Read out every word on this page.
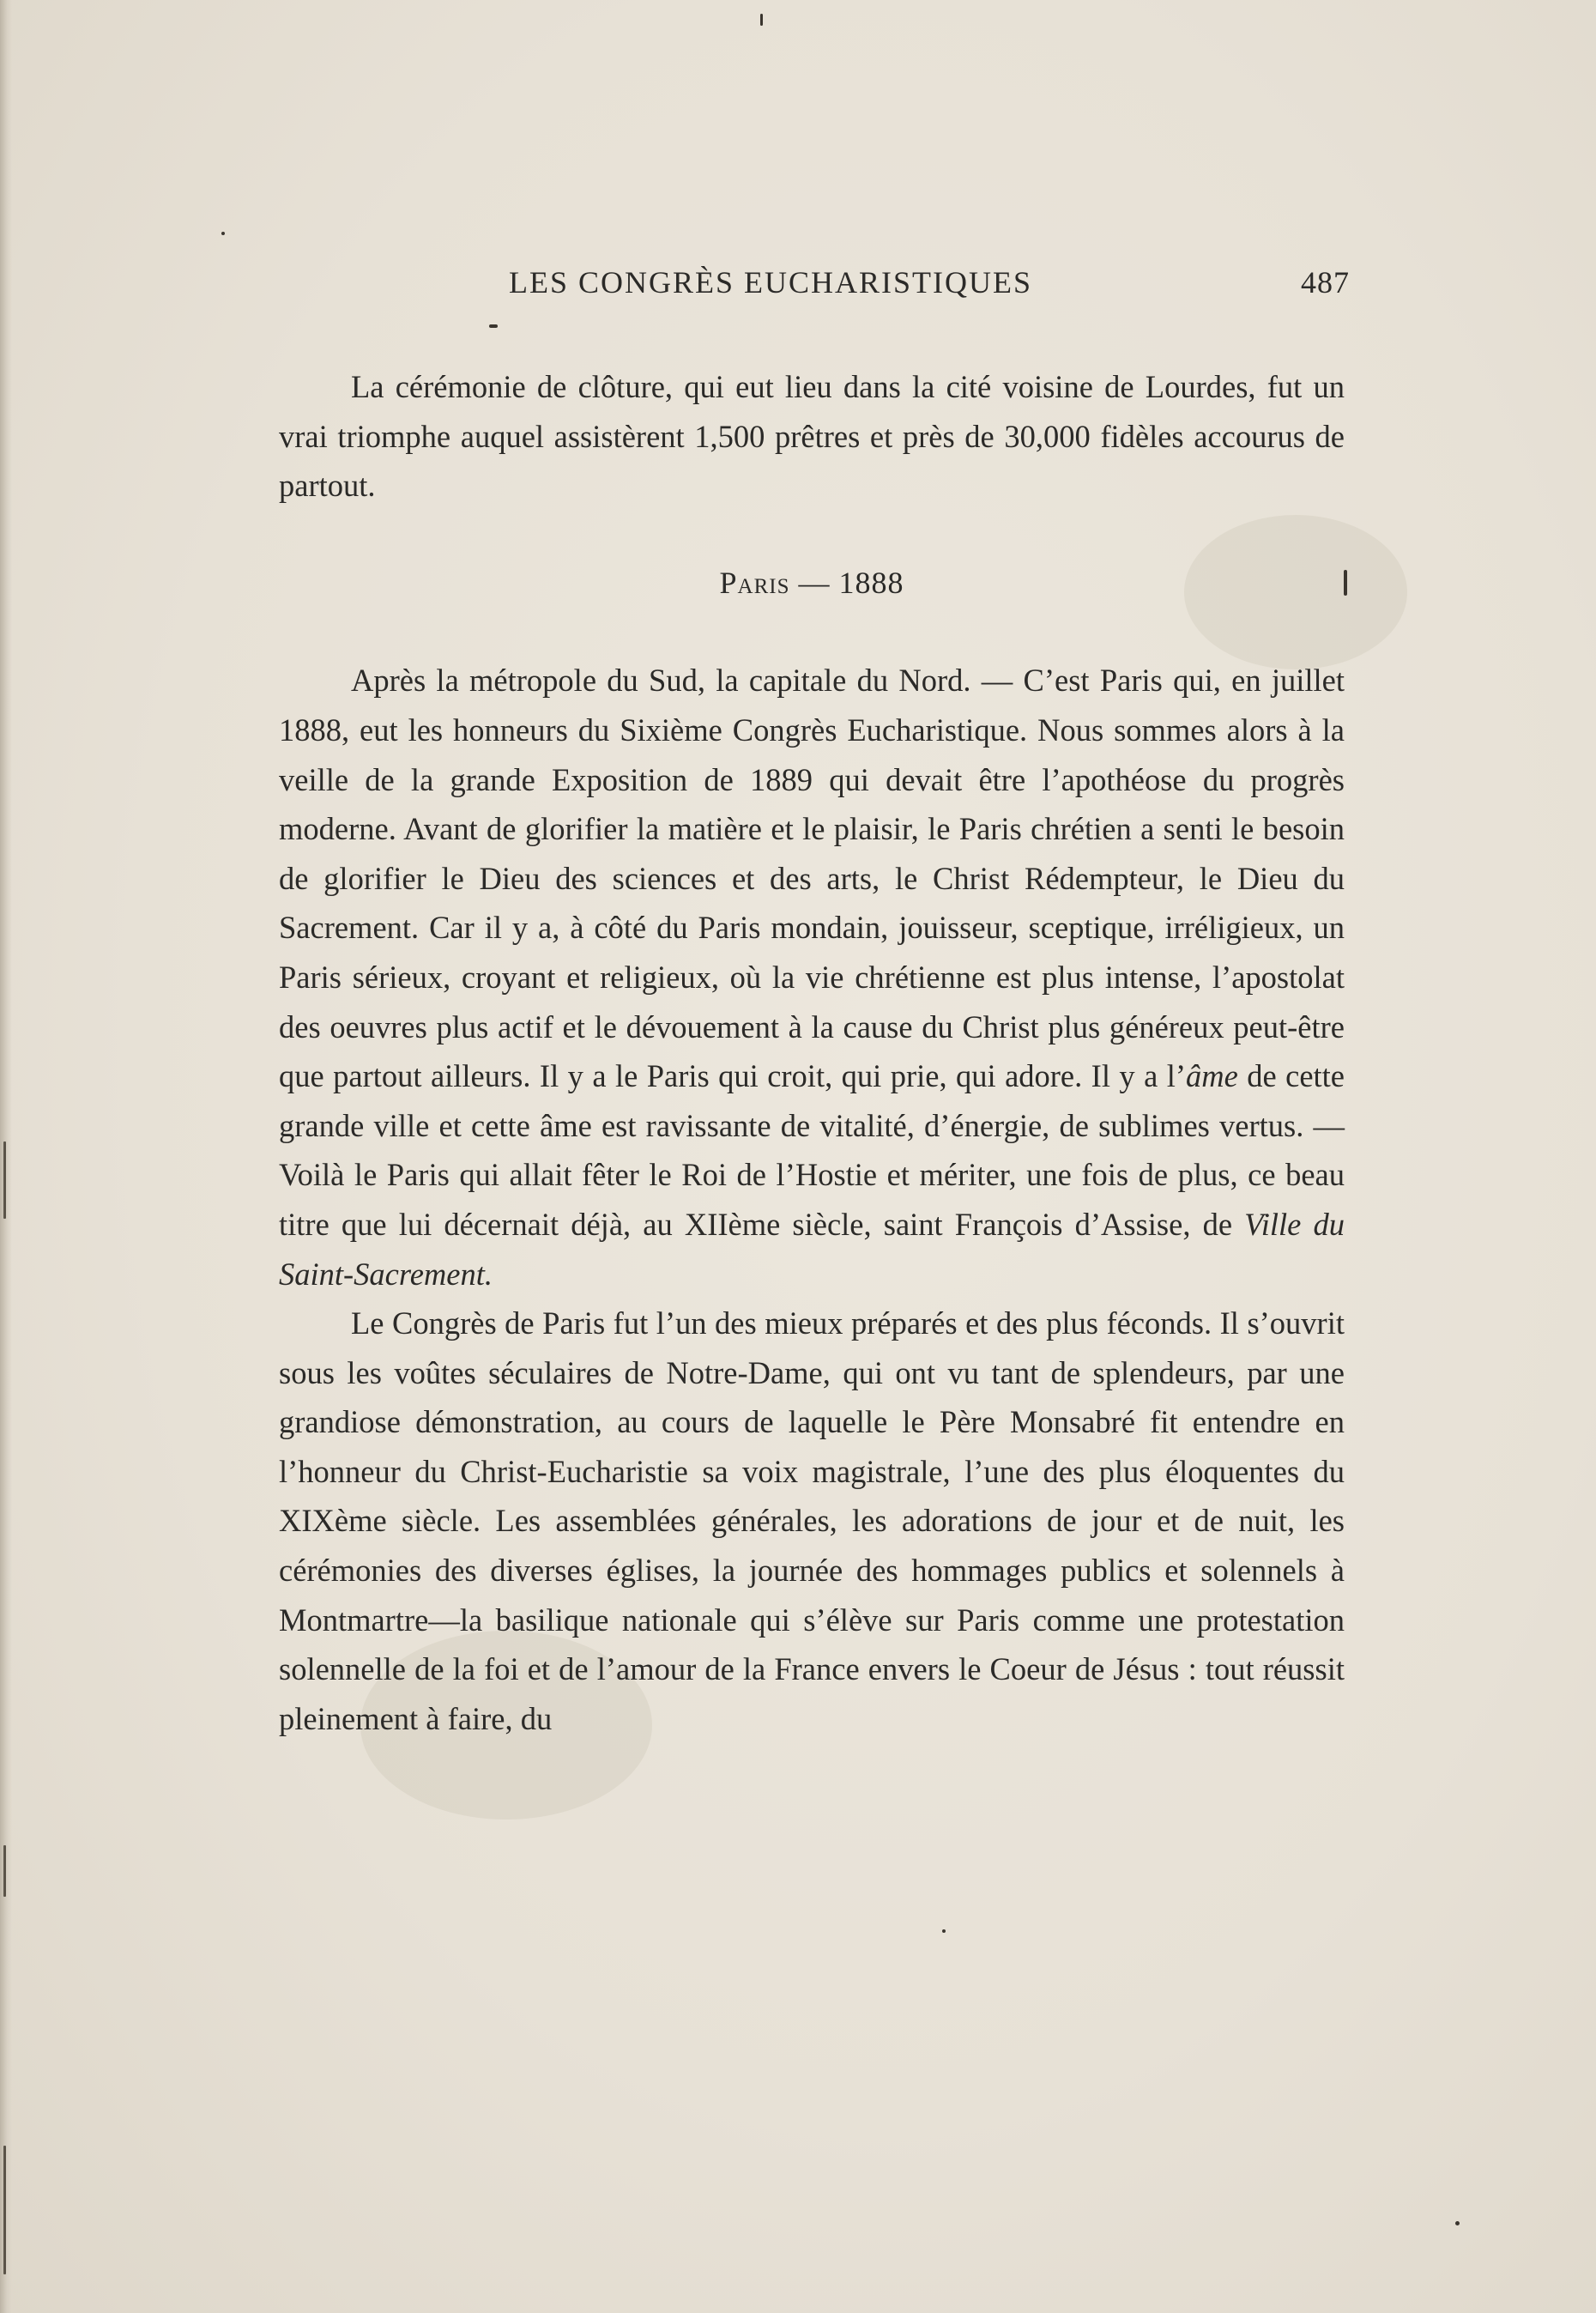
LES CONGRÈS EUCHARISTIQUES	487

La cérémonie de clôture, qui eut lieu dans la cité voisine de Lourdes, fut un vrai triomphe auquel assistèrent 1,500 prêtres et près de 30,000 fidèles accourus de partout.

Paris — 1888

Après la métropole du Sud, la capitale du Nord. — C’est Paris qui, en juillet 1888, eut les honneurs du Sixième Congrès Eucharistique. Nous sommes alors à la veille de la grande Exposition de 1889 qui devait être l’apothéose du progrès moderne. Avant de glorifier la matière et le plaisir, le Paris chrétien a senti le besoin de glorifier le Dieu des sciences et des arts, le Christ Rédempteur, le Dieu du Sacrement. Car il y a, à côté du Paris mondain, jouisseur, sceptique, irréligieux, un Paris sérieux, croyant et religieux, où la vie chrétienne est plus intense, l’apostolat des oeuvres plus actif et le dévouement à la cause du Christ plus généreux peut-être que partout ailleurs. Il y a le Paris qui croit, qui prie, qui adore. Il y a l’âme de cette grande ville et cette âme est ravissante de vitalité, d’énergie, de sublimes vertus. — Voilà le Paris qui allait fêter le Roi de l’Hostie et mériter, une fois de plus, ce beau titre que lui décernait déjà, au XIIème siècle, saint François d’Assise, de Ville du Saint-Sacrement.

Le Congrès de Paris fut l’un des mieux préparés et des plus féconds. Il s’ouvrit sous les voûtes séculaires de Notre-Dame, qui ont vu tant de splendeurs, par une grandiose démonstration, au cours de laquelle le Père Monsabré fit entendre en l’honneur du Christ-Eucharistie sa voix magistrale, l’une des plus éloquentes du XIXème siècle. Les assemblées générales, les adorations de jour et de nuit, les cérémonies des diverses églises, la journée des hommages publics et solennels à Montmartre—la basilique nationale qui s’élève sur Paris comme une protestation solennelle de la foi et de l’amour de la France envers le Coeur de Jésus : tout réussit pleinement à faire, du
